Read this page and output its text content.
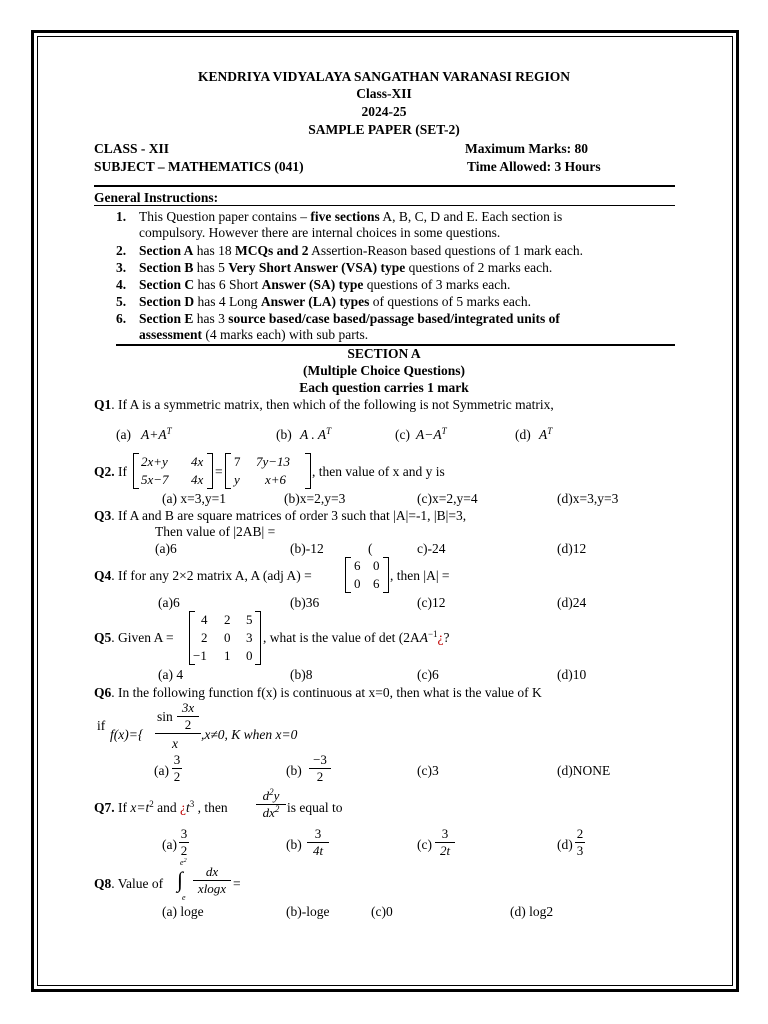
KENDRIYA VIDYALAYA SANGATHAN VARANASI REGION
Class-XII
2024-25
SAMPLE PAPER (SET-2)
CLASS - XII	Maximum Marks: 80
SUBJECT – MATHEMATICS (041)	Time Allowed: 3 Hours
General Instructions:
1. This Question paper contains – five sections A, B, C, D and E. Each section is
compulsory. However there are internal choices in some questions.
2. Section A has 18 MCQs and 2 Assertion-Reason based questions of 1 mark each.
3. Section B has 5 Very Short Answer (VSA) type questions of 2 marks each.
4. Section C has 6 Short Answer (SA) type questions of 3 marks each.
5. Section D has 4 Long Answer (LA) types of questions of 5 marks each.
6. Section E has 3 source based/case based/passage based/integrated units of
assessment (4 marks each) with sub parts.
SECTION A
(Multiple Choice Questions)
Each question carries 1 mark
Q1. If A is a symmetric matrix, then which of the following is not Symmetric matrix,
(a) $A+A^T$	(b) A . $A^T$	(c) $A-A^T$	(d) $A^T$
Q2. If
2x+y 4x
5x−7 4x
=
7 7y−13
y x+6
, then value of x and y is
(a) x=3,y=1	(b)x=2,y=3	(c)x=2,y=4	(d)x=3,y=3
Q3. If A and B are square matrices of order 3 such that |A|=-1, |B|=3,
Then value of |2AB| =
(a)6	(b)-12	(	c)-24	(d)12
Q4. If for any 2×2 matrix A, A (adj A) =
6 0
0 6
, then |A| =
(a)6	(b)36	(c)12	(d)24
Q5. Given A =
4 2 5
2 0 3
−1 1 0
, what is the value of $\det (2AA^{-1}¿$?
(a) 4	(b)8	(c)6	(d)10
Q6. In the following function f(x) is continuous at x=0, then what is the value of K
if
f(x)={
sin
3x
2
x
,x≠0, K when x=0
(a)
3
2	(b)
−3
2	(c)3	(d)NONE
Q7. If $x=t^2$ and ¿$t^3$ , then
$d^2y$
$dx^2$ is equal to
(a)
3
2	(b)
3
4t	(c)
3
2t	(d)
2
3
Q8. Value of
$e^2$
∫
e
dx
xlogx =
(a) loge	(b)-loge	(c)0	(d) log2
